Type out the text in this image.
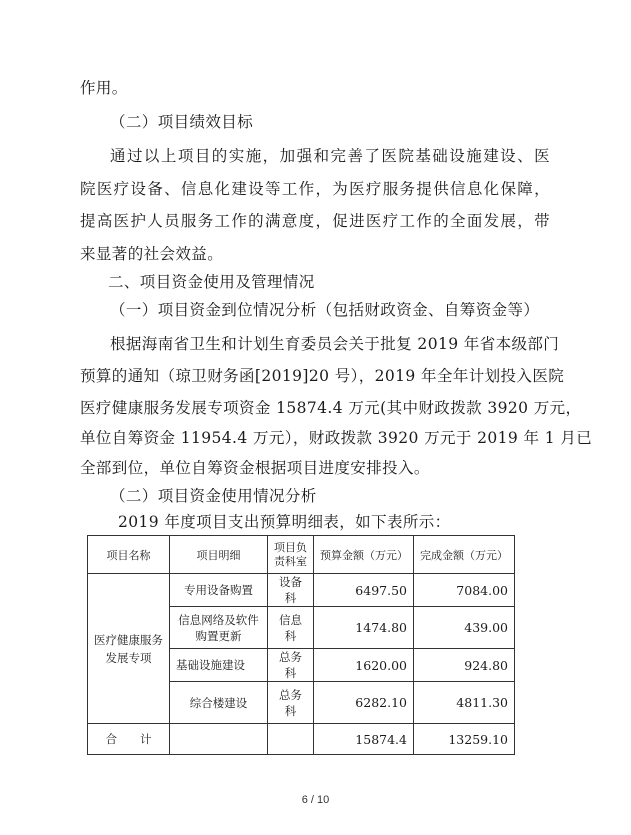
作用。
（二）项目绩效目标
通过以上项目的实施，加强和完善了医院基础设施建设、医
院医疗设备、信息化建设等工作，为医疗服务提供信息化保障，
提高医护人员服务工作的满意度，促进医疗工作的全面发展，带
来显著的社会效益。
二、项目资金使用及管理情况
（一）项目资金到位情况分析（包括财政资金、自筹资金等）
根据海南省卫生和计划生育委员会关于批复 2019 年省本级部门
预算的通知（琼卫财务函[2019]20 号），2019 年全年计划投入医院
医疗健康服务发展专项资金 15874.4 万元(其中财政拨款 3920 万元，
单位自筹资金 11954.4 万元），财政拨款 3920 万元于 2019 年 1 月已
全部到位，单位自筹资金根据项目进度安排投入。
（二）项目资金使用情况分析
2019 年度项目支出预算明细表，如下表所示：
项目名称	项目明细	项目负责科室	预算金额（万元）	完成金额（万元）
医疗健康服务发展专项	专用设备购置	设备科	6497.50	7084.00
	信息网络及软件购置更新	信息科	1474.80	439.00
	基础设施建设	总务科	1620.00	924.80
	综合楼建设	总务科	6282.10	4811.30
合　　计			15874.4	13259.10
6 / 10
